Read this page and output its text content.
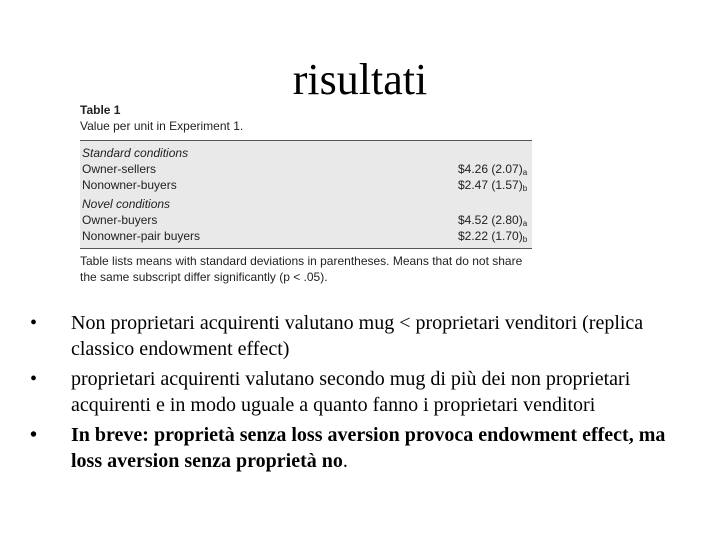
risultati
Table 1
Value per unit in Experiment 1.
Standard conditions
Owner-sellers	$4.26 $(2.07)_a$
Nonowner-buyers	$2.47 $(1.57)_b$
Novel conditions
Owner-buyers	$4.52 $(2.80)_a$
Nonowner-pair buyers	$2.22 $(1.70)_b$
Table lists means with standard deviations in parentheses. Means that do not share
the same subscript differ significantly (p < .05).
• Non proprietari acquirenti valutano mug < proprietari venditori (replica classico endowment effect)
• proprietari acquirenti valutano secondo mug di più dei non proprietari acquirenti e in modo uguale a quanto fanno i proprietari venditori
• In breve: proprietà senza loss aversion provoca endowment effect, ma loss aversion senza proprietà no.
